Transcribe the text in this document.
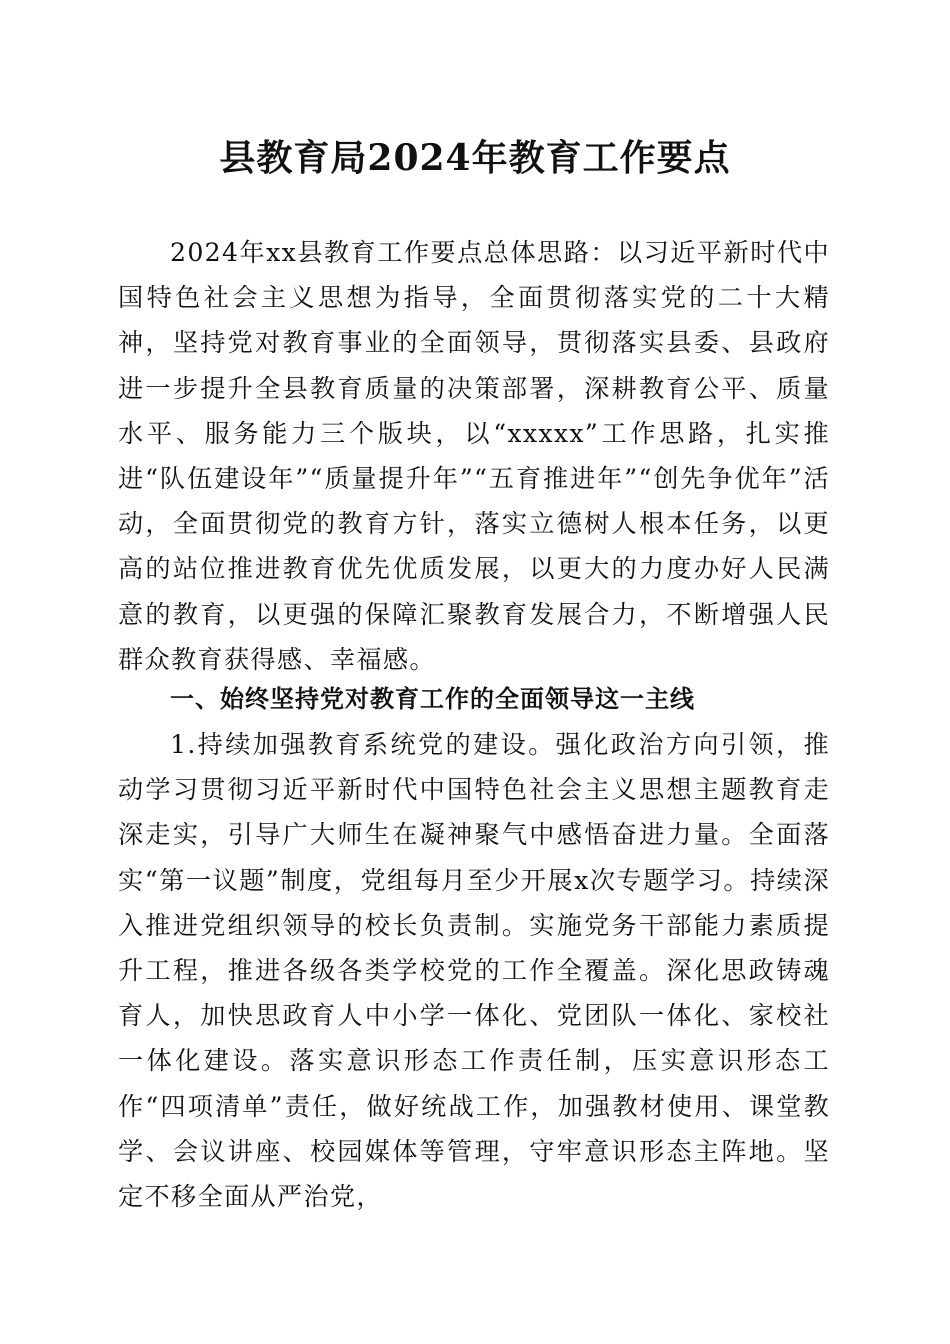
县教育局2024年教育工作要点

2024年xx县教育工作要点总体思路：以习近平新时代中国特色社会主义思想为指导，全面贯彻落实党的二十大精神，坚持党对教育事业的全面领导，贯彻落实县委、县政府进一步提升全县教育质量的决策部署，深耕教育公平、质量水平、服务能力三个版块，以“xxxxx”工作思路，扎实推进“队伍建设年”“质量提升年”“五育推进年”“创先争优年”活动，全面贯彻党的教育方针，落实立德树人根本任务，以更高的站位推进教育优先优质发展，以更大的力度办好人民满意的教育，以更强的保障汇聚教育发展合力，不断增强人民群众教育获得感、幸福感。

一、始终坚持党对教育工作的全面领导这一主线

1.持续加强教育系统党的建设。强化政治方向引领，推动学习贯彻习近平新时代中国特色社会主义思想主题教育走深走实，引导广大师生在凝神聚气中感悟奋进力量。全面落实“第一议题”制度，党组每月至少开展x次专题学习。持续深入推进党组织领导的校长负责制。实施党务干部能力素质提升工程，推进各级各类学校党的工作全覆盖。深化思政铸魂育人，加快思政育人中小学一体化、党团队一体化、家校社一体化建设。落实意识形态工作责任制，压实意识形态工作“四项清单”责任，做好统战工作，加强教材使用、课堂教学、会议讲座、校园媒体等管理，守牢意识形态主阵地。坚定不移全面从严治党，
